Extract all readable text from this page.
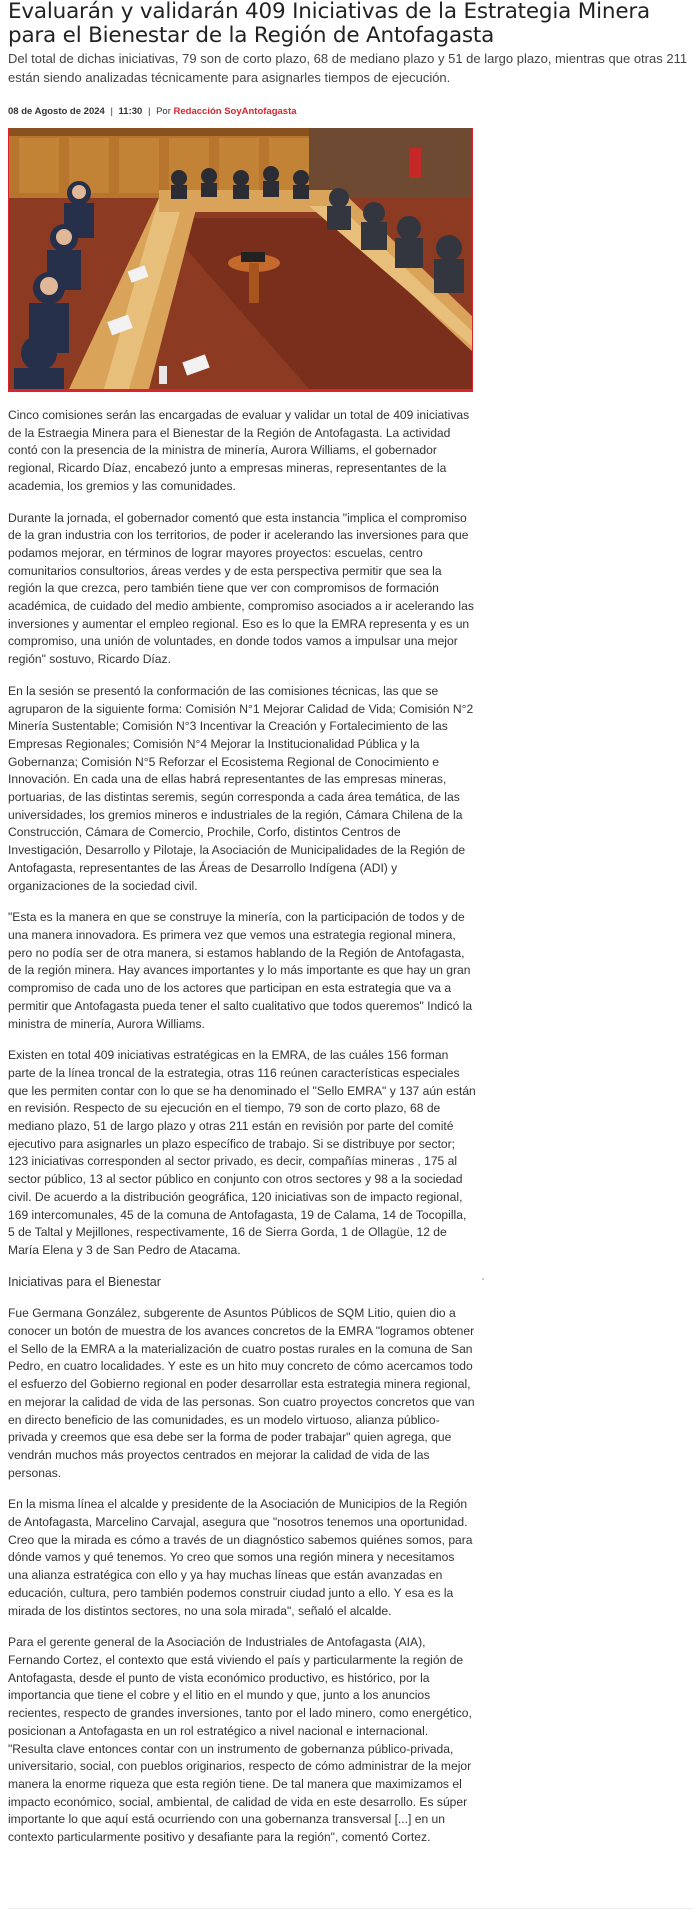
Evaluarán y validarán 409 Iniciativas de la Estrategia Minera para el Bienestar de la Región de Antofagasta

Del total de dichas iniciativas, 79 son de corto plazo, 68 de mediano plazo y 51 de largo plazo, mientras que otras 211 están siendo analizadas técnicamente para asignarles tiempos de ejecución.

08 de Agosto de 2024 | 11:30 | Por Redacción SoyAntofagasta

Cinco comisiones serán las encargadas de evaluar y validar un total de 409 iniciativas de la Estraegia Minera para el Bienestar de la Región de Antofagasta. La actividad contó con la presencia de la ministra de minería, Aurora Williams, el gobernador regional, Ricardo Díaz, encabezó junto a empresas mineras, representantes de la academia, los gremios y las comunidades.

Durante la jornada, el gobernador comentó que esta instancia "implica el compromiso de la gran industria con los territorios, de poder ir acelerando las inversiones para que podamos mejorar, en términos de lograr mayores proyectos: escuelas, centro comunitarios consultorios, áreas verdes y de esta perspectiva permitir que sea la región la que crezca, pero también tiene que ver con compromisos de formación académica, de cuidado del medio ambiente, compromiso asociados a ir acelerando las inversiones y aumentar el empleo regional. Eso es lo que la EMRA representa y es un compromiso, una unión de voluntades, en donde todos vamos a impulsar una mejor región" sostuvo, Ricardo Díaz.

En la sesión se presentó la conformación de las comisiones técnicas, las que se agruparon de la siguiente forma: Comisión N°1 Mejorar Calidad de Vida; Comisión N°2 Minería Sustentable; Comisión N°3 Incentivar la Creación y Fortalecimiento de las Empresas Regionales; Comisión N°4 Mejorar la Institucionalidad Pública y la Gobernanza; Comisión N°5 Reforzar el Ecosistema Regional de Conocimiento e Innovación. En cada una de ellas habrá representantes de las empresas mineras, portuarias, de las distintas seremis, según corresponda a cada área temática, de las universidades, los gremios mineros e industriales de la región, Cámara Chilena de la Construcción, Cámara de Comercio, Prochile, Corfo, distintos Centros de Investigación, Desarrollo y Pilotaje, la Asociación de Municipalidades de la Región de Antofagasta, representantes de las Áreas de Desarrollo Indígena (ADI) y organizaciones de la sociedad civil.

"Esta es la manera en que se construye la minería, con la participación de todos y de una manera innovadora. Es primera vez que vemos una estrategia regional minera, pero no podía ser de otra manera, si estamos hablando de la Región de Antofagasta, de la región minera. Hay avances importantes y lo más importante es que hay un gran compromiso de cada uno de los actores que participan en esta estrategia que va a permitir que Antofagasta pueda tener el salto cualitativo que todos queremos" Indicó la ministra de minería, Aurora Williams.

Existen en total 409 iniciativas estratégicas en la EMRA, de las cuáles 156 forman parte de la línea troncal de la estrategia, otras 116 reúnen características especiales que les permiten contar con lo que se ha denominado el "Sello EMRA" y 137 aún están en revisión. Respecto de su ejecución en el tiempo, 79 son de corto plazo, 68 de mediano plazo, 51 de largo plazo y otras 211 están en revisión por parte del comité ejecutivo para asignarles un plazo específico de trabajo. Si se distribuye por sector; 123 iniciativas corresponden al sector privado, es decir, compañías mineras , 175 al sector público, 13 al sector público en conjunto con otros sectores y 98 a la sociedad civil. De acuerdo a la distribución geográfica, 120 iniciativas son de impacto regional, 169 intercomunales, 45 de la comuna de Antofagasta, 19 de Calama, 14 de Tocopilla, 5 de Taltal y Mejillones, respectivamente, 16 de Sierra Gorda, 1 de Ollagüe, 12 de María Elena y 3 de San Pedro de Atacama.

Iniciativas para el Bienestar

Fue Germana González, subgerente de Asuntos Públicos de SQM Litio, quien dio a conocer un botón de muestra de los avances concretos de la EMRA "logramos obtener el Sello de la EMRA a la materialización de cuatro postas rurales en la comuna de San Pedro, en cuatro localidades. Y este es un hito muy concreto de cómo acercamos todo el esfuerzo del Gobierno regional en poder desarrollar esta estrategia minera regional, en mejorar la calidad de vida de las personas. Son cuatro proyectos concretos que van en directo beneficio de las comunidades, es un modelo virtuoso, alianza público-privada y creemos que esa debe ser la forma de poder trabajar" quien agrega, que vendrán muchos más proyectos centrados en mejorar la calidad de vida de las personas.

En la misma línea el alcalde y presidente de la Asociación de Municipios de la Región de Antofagasta, Marcelino Carvajal, asegura que "nosotros tenemos una oportunidad. Creo que la mirada es cómo a través de un diagnóstico sabemos quiénes somos, para dónde vamos y qué tenemos. Yo creo que somos una región minera y necesitamos una alianza estratégica con ello y ya hay muchas líneas que están avanzadas en educación, cultura, pero también podemos construir ciudad junto a ello. Y esa es la mirada de los distintos sectores, no una sola mirada", señaló el alcalde.

Para el gerente general de la Asociación de Industriales de Antofagasta (AIA), Fernando Cortez, el contexto que está viviendo el país y particularmente la región de Antofagasta, desde el punto de vista económico productivo, es histórico, por la importancia que tiene el cobre y el litio en el mundo y que, junto a los anuncios recientes, respecto de grandes inversiones, tanto por el lado minero, como energético, posicionan a Antofagasta en un rol estratégico a nivel nacional e internacional. "Resulta clave entonces contar con un instrumento de gobernanza público-privada, universitario, social, con pueblos originarios, respecto de cómo administrar de la mejor manera la enorme riqueza que esta región tiene. De tal manera que maximizamos el impacto económico, social, ambiental, de calidad de vida en este desarrollo. Es súper importante lo que aquí está ocurriendo con una gobernanza transversal [...] en un contexto particularmente positivo y desafiante para la región", comentó Cortez.
